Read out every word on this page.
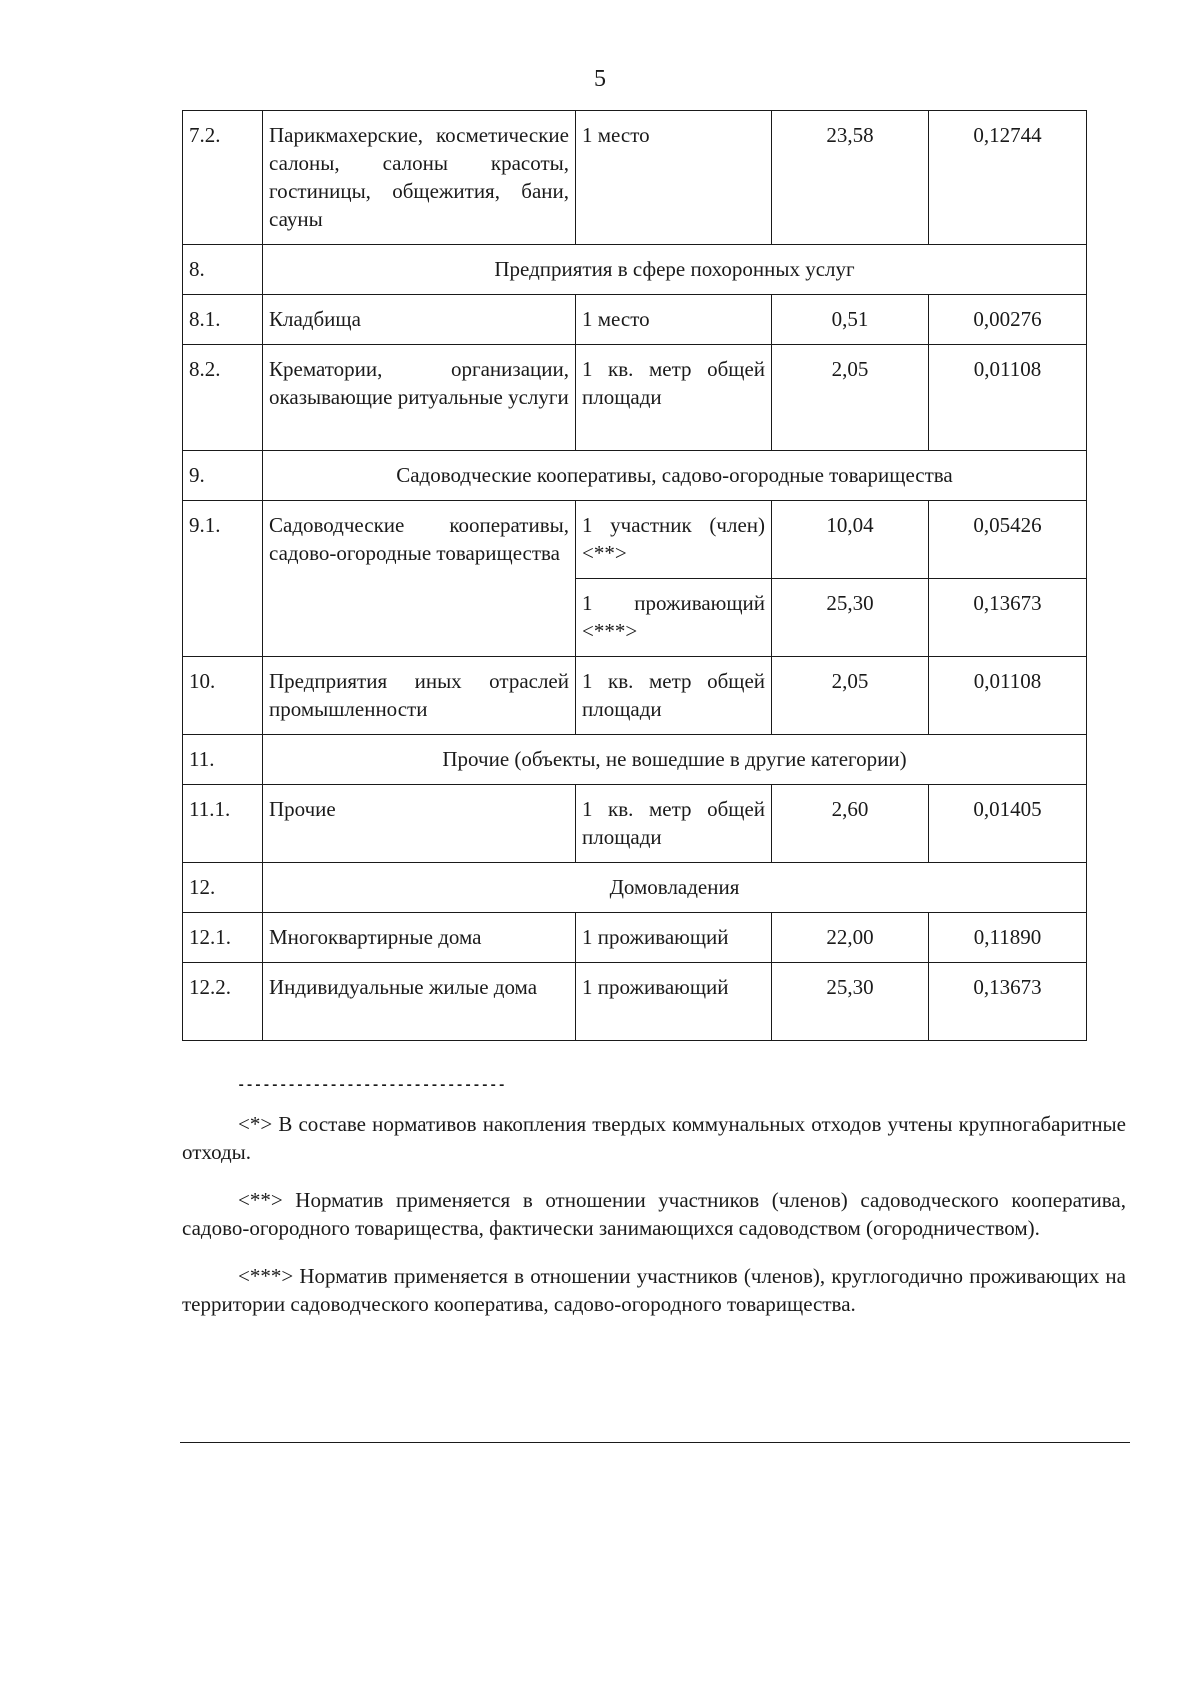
5
7.2.	Парикмахерские, косметические салоны, салоны красоты, гостиницы, общежития, бани, сауны	1 место	23,58	0,12744
8.	Предприятия в сфере похоронных услуг			
8.1.	Кладбища	1 место	0,51	0,00276
8.2.	Крематории, организации, оказывающие ритуальные услуги	1 кв. метр общей площади	2,05	0,01108
9.	Садоводческие кооперативы, садово-огородные товарищества			
9.1.	Садоводческие кооперативы, садово-огородные товарищества	1 участник (член) <**>	10,04	0,05426
		1 проживающий <***>	25,30	0,13673
10.	Предприятия иных отраслей промышленности	1 кв. метр общей площади	2,05	0,01108
11.	Прочие (объекты, не вошедшие в другие категории)			
11.1.	Прочие	1 кв. метр общей площади	2,60	0,01405
12.	Домовладения			
12.1.	Многоквартирные дома	1 проживающий	22,00	0,11890
12.2.	Индивидуальные жилые дома	1 проживающий	25,30	0,13673
--------------------------------

<*> В составе нормативов накопления твердых коммунальных отходов учтены крупногабаритные отходы.

<**> Норматив применяется в отношении участников (членов) садоводческого кооператива, садово-огородного товарищества, фактически занимающихся садоводством (огородничеством).

<***> Норматив применяется в отношении участников (членов), круглогодично проживающих на территории садоводческого кооператива, садово-огородного товарищества.
